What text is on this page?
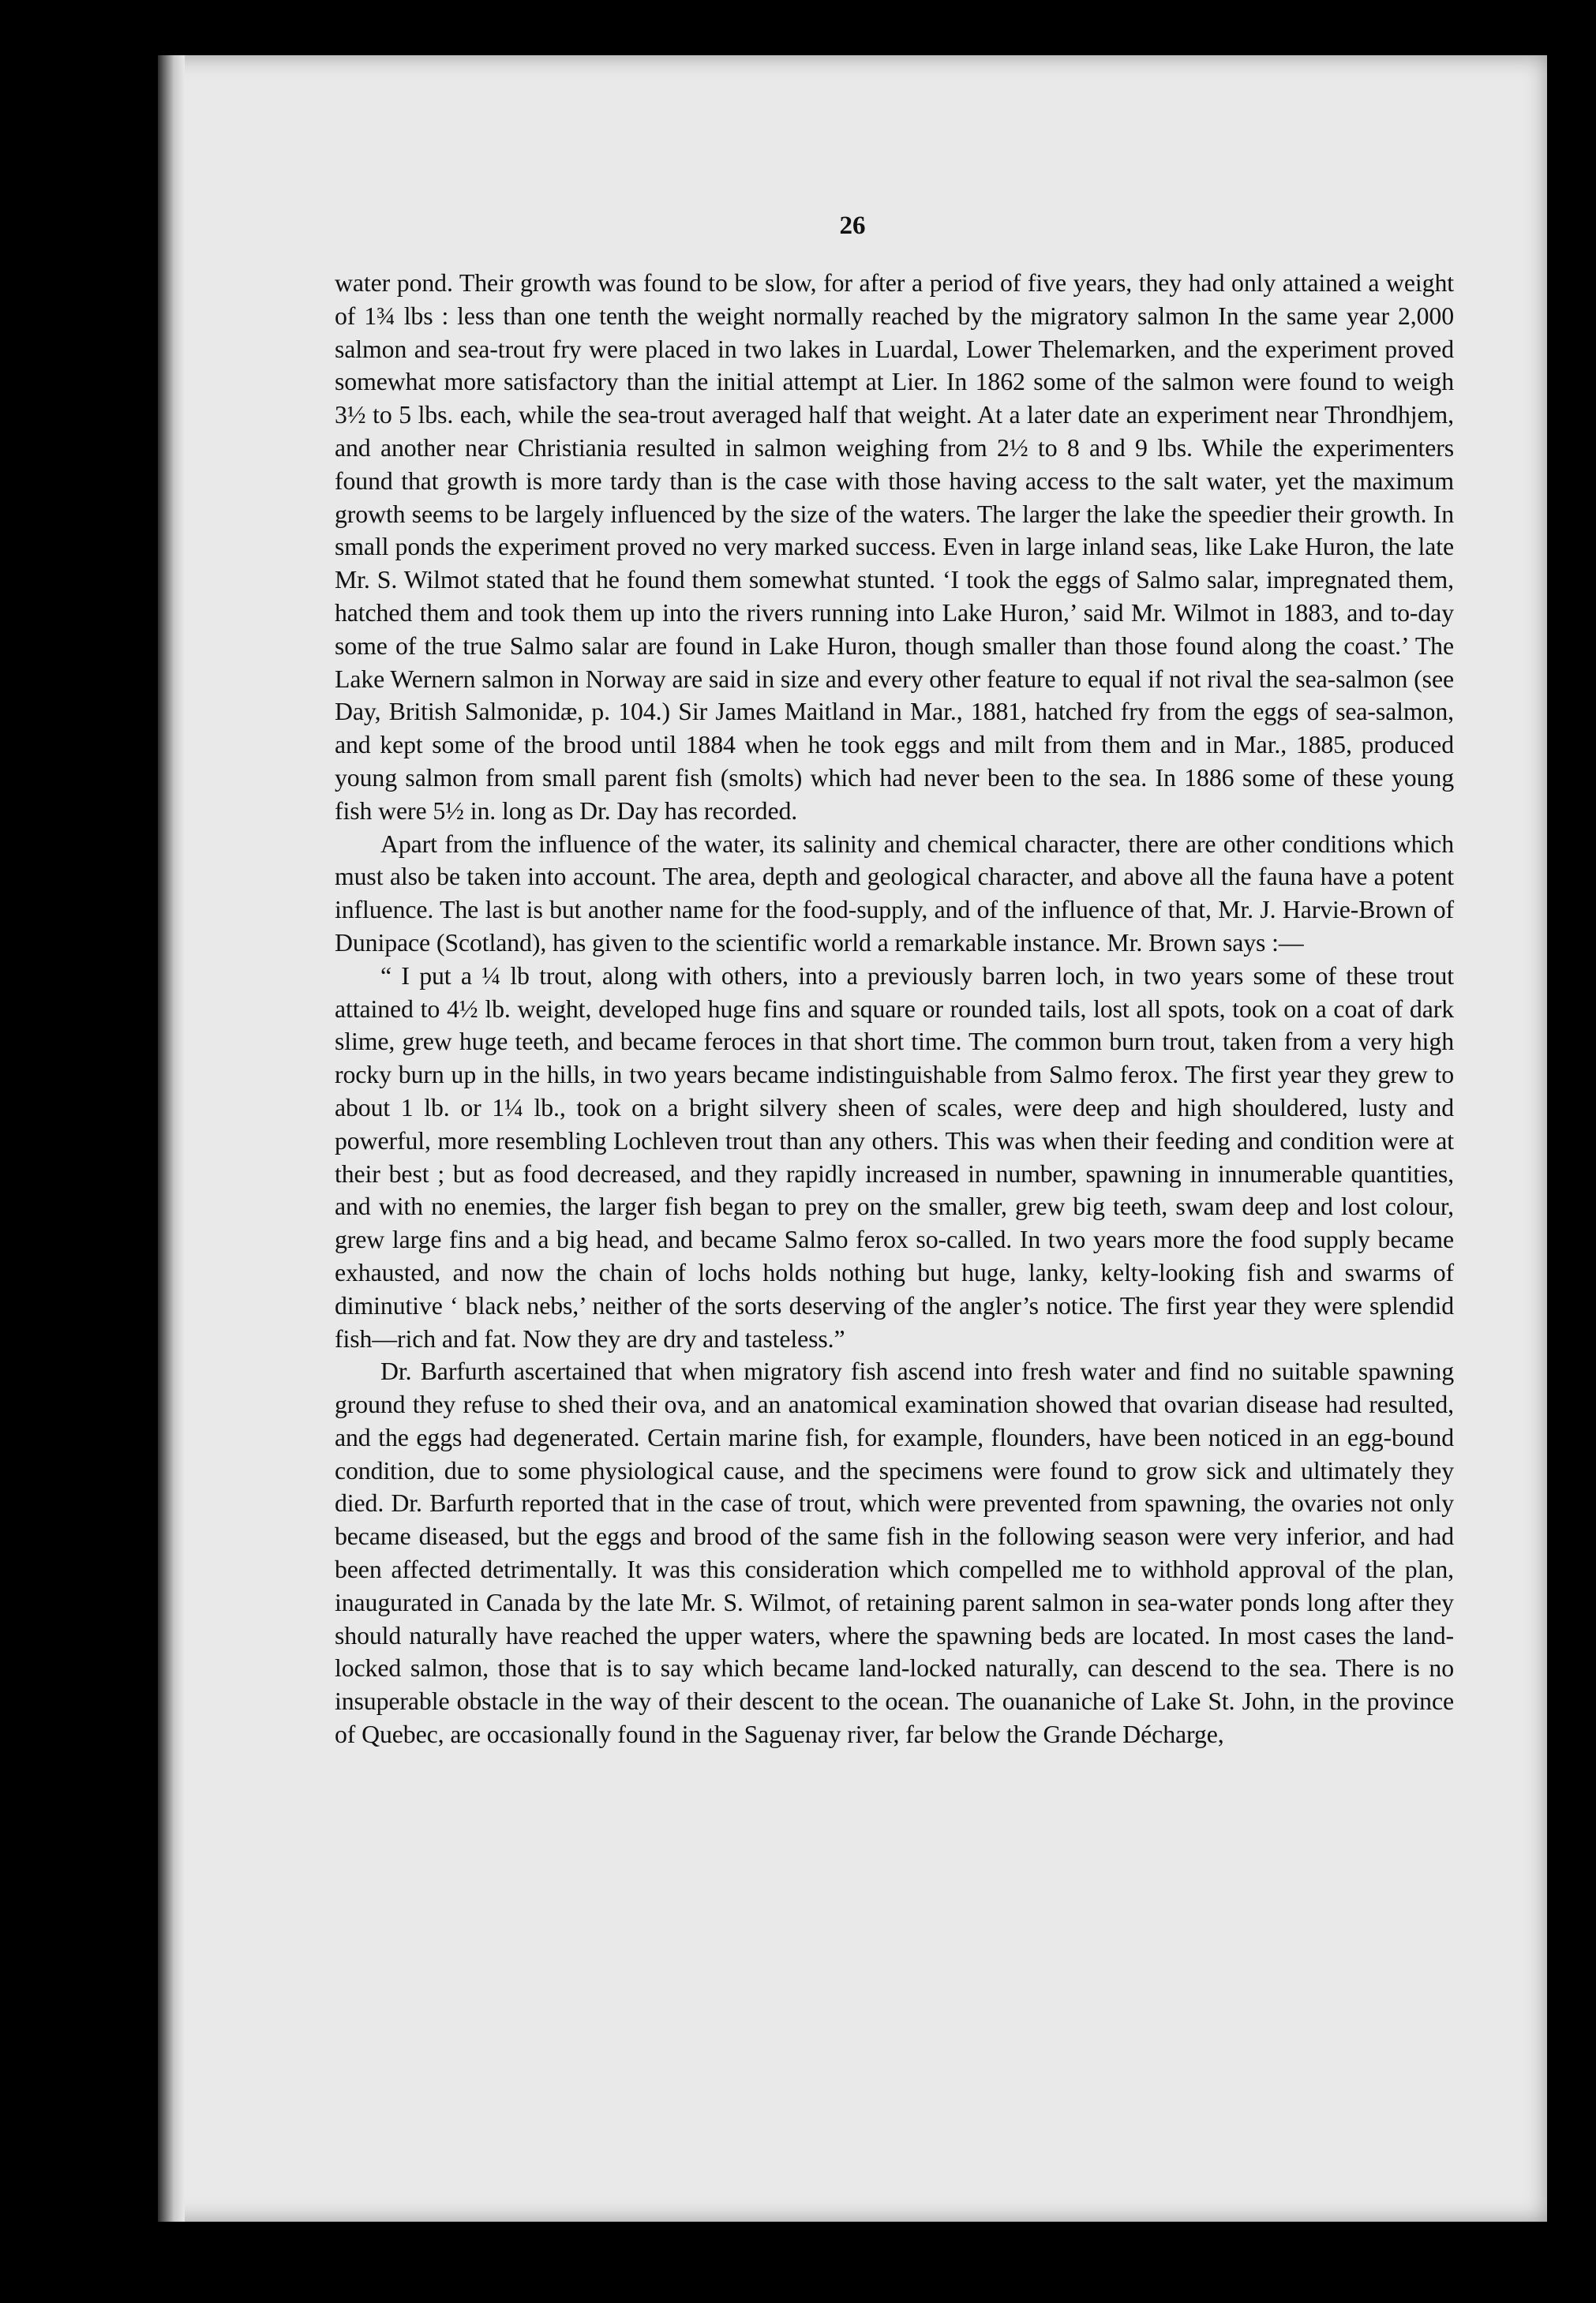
26

water pond. Their growth was found to be slow, for after a period of five years, they had only attained a weight of 1¾ lbs : less than one tenth the weight normally reached by the migratory salmon In the same year 2,000 salmon and sea-trout fry were placed in two lakes in Luardal, Lower Thelemarken, and the experiment proved somewhat more satisfactory than the initial attempt at Lier. In 1862 some of the salmon were found to weigh 3½ to 5 lbs. each, while the sea-trout averaged half that weight. At a later date an experiment near Throndhjem, and another near Christiania resulted in salmon weighing from 2½ to 8 and 9 lbs. While the experimenters found that growth is more tardy than is the case with those having access to the salt water, yet the maximum growth seems to be largely influenced by the size of the waters. The larger the lake the speedier their growth. In small ponds the experiment proved no very marked success. Even in large inland seas, like Lake Huron, the late Mr. S. Wilmot stated that he found them somewhat stunted. ‘I took the eggs of Salmo salar, impregnated them, hatched them and took them up into the rivers running into Lake Huron,’ said Mr. Wilmot in 1883, and to-day some of the true Salmo salar are found in Lake Huron, though smaller than those found along the coast.’ The Lake Wernern salmon in Norway are said in size and every other feature to equal if not rival the sea-salmon (see Day, British Salmonidæ, p. 104.) Sir James Maitland in Mar., 1881, hatched fry from the eggs of sea-salmon, and kept some of the brood until 1884 when he took eggs and milt from them and in Mar., 1885, produced young salmon from small parent fish (smolts) which had never been to the sea. In 1886 some of these young fish were 5½ in. long as Dr. Day has recorded.

Apart from the influence of the water, its salinity and chemical character, there are other conditions which must also be taken into account. The area, depth and geological character, and above all the fauna have a potent influence. The last is but another name for the food-supply, and of the influence of that, Mr. J. Harvie-Brown of Dunipace (Scotland), has given to the scientific world a remarkable instance. Mr. Brown says :—

“ I put a ¼ lb trout, along with others, into a previously barren loch, in two years some of these trout attained to 4½ lb. weight, developed huge fins and square or rounded tails, lost all spots, took on a coat of dark slime, grew huge teeth, and became feroces in that short time. The common burn trout, taken from a very high rocky burn up in the hills, in two years became indistinguishable from Salmo ferox. The first year they grew to about 1 lb. or 1¼ lb., took on a bright silvery sheen of scales, were deep and high shouldered, lusty and powerful, more resembling Lochleven trout than any others. This was when their feeding and condition were at their best ; but as food decreased, and they rapidly increased in number, spawning in innumerable quantities, and with no enemies, the larger fish began to prey on the smaller, grew big teeth, swam deep and lost colour, grew large fins and a big head, and became Salmo ferox so-called. In two years more the food supply became exhausted, and now the chain of lochs holds nothing but huge, lanky, kelty-looking fish and swarms of diminutive ‘ black nebs,’ neither of the sorts deserving of the angler’s notice. The first year they were splendid fish—rich and fat. Now they are dry and tasteless.”

Dr. Barfurth ascertained that when migratory fish ascend into fresh water and find no suitable spawning ground they refuse to shed their ova, and an anatomical examination showed that ovarian disease had resulted, and the eggs had degenerated. Certain marine fish, for example, flounders, have been noticed in an egg-bound condition, due to some physiological cause, and the specimens were found to grow sick and ultimately they died. Dr. Barfurth reported that in the case of trout, which were prevented from spawning, the ovaries not only became diseased, but the eggs and brood of the same fish in the following season were very inferior, and had been affected detrimentally. It was this consideration which compelled me to withhold approval of the plan, inaugurated in Canada by the late Mr. S. Wilmot, of retaining parent salmon in sea-water ponds long after they should naturally have reached the upper waters, where the spawning beds are located. In most cases the land-locked salmon, those that is to say which became land-locked naturally, can descend to the sea. There is no insuperable obstacle in the way of their descent to the ocean. The ouananiche of Lake St. John, in the province of Quebec, are occasionally found in the Saguenay river, far below the Grande Décharge,
